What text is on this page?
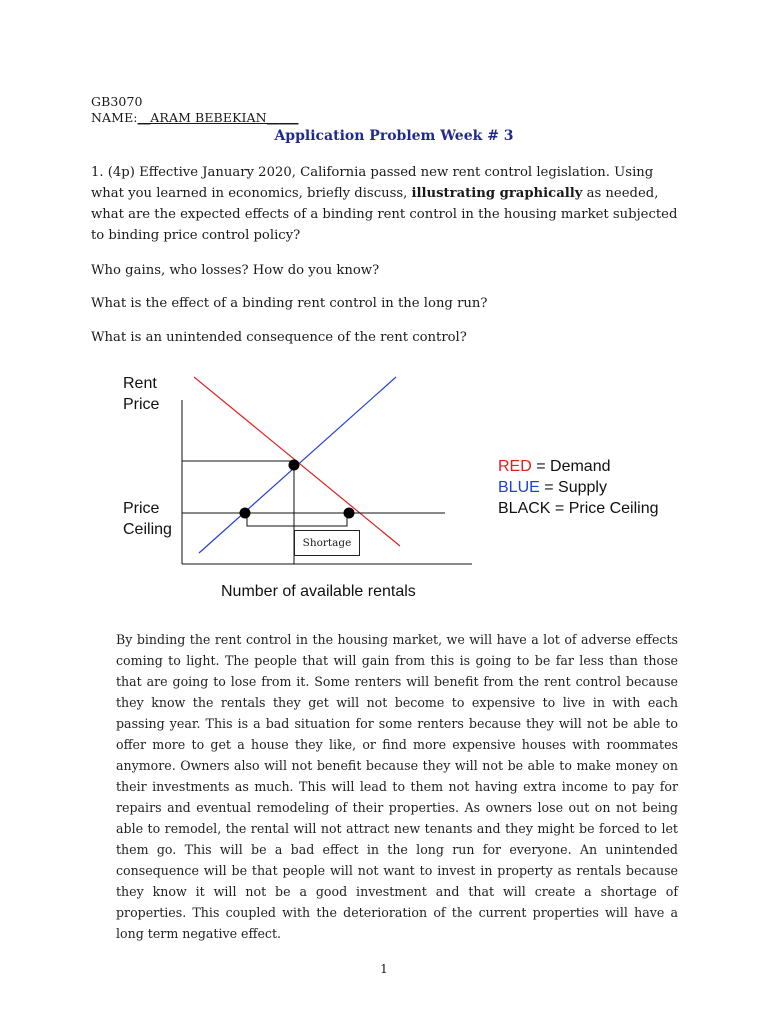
GB3070
NAME:__ARAM BEBEKIAN_____
Application Problem Week # 3
1. (4p) Effective January 2020, California passed new rent control legislation. Using what you learned in economics, briefly discuss, illustrating graphically as needed, what are the expected effects of a binding rent control in the housing market subjected to binding price control policy?
Who gains, who losses? How do you know?
What is the effect of a binding rent control in the long run?
What is an unintended consequence of the rent control?
Rent
Price
Price
Ceiling
Shortage
Number of available rentals
RED = Demand
BLUE = Supply
BLACK = Price Ceiling
By binding the rent control in the housing market, we will have a lot of adverse effects coming to light. The people that will gain from this is going to be far less than those that are going to lose from it. Some renters will benefit from the rent control because they know the rentals they get will not become to expensive to live in with each passing year. This is a bad situation for some renters because they will not be able to offer more to get a house they like, or find more expensive houses with roommates anymore. Owners also will not benefit because they will not be able to make money on their investments as much. This will lead to them not having extra income to pay for repairs and eventual remodeling of their properties. As owners lose out on not being able to remodel, the rental will not attract new tenants and they might be forced to let them go. This will be a bad effect in the long run for everyone. An unintended consequence will be that people will not want to invest in property as rentals because they know it will not be a good investment and that will create a shortage of properties. This coupled with the deterioration of the current properties will have a long term negative effect.
1
